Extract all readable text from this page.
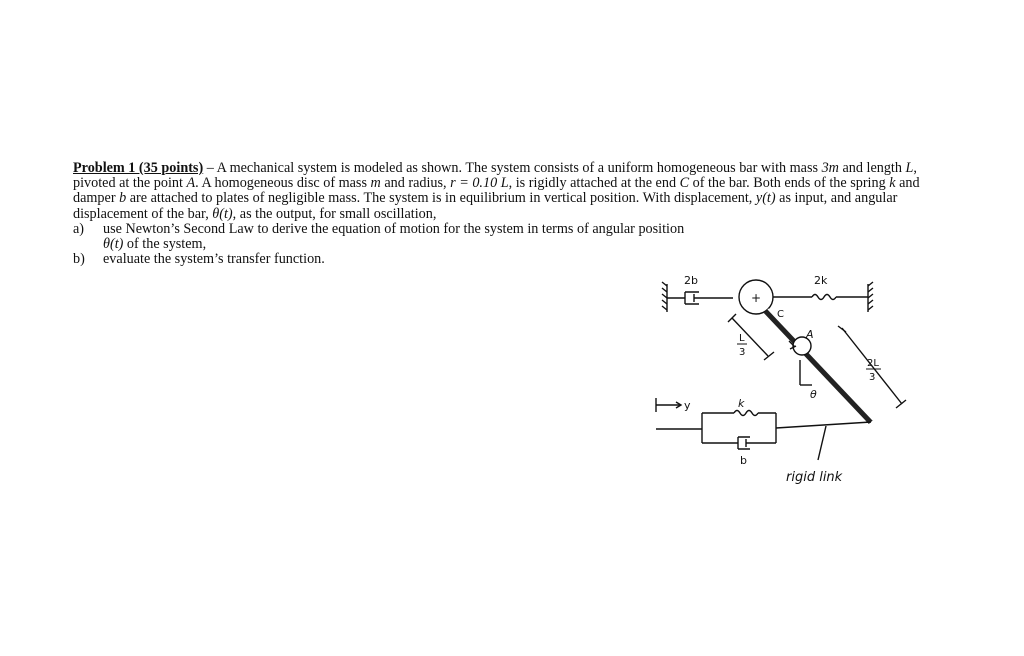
Problem 1 (35 points) – A mechanical system is modeled as shown. The system consists of a uniform homogeneous bar with mass 3m and length L, pivoted at the point A. A homogeneous disc of mass m and radius, r = 0.10 L, is rigidly attached at the end C of the bar. Both ends of the spring k and damper b are attached to plates of negligible mass. The system is in equilibrium in vertical position. With displacement, y(t) as input, and angular displacement of the bar, θ(t), as the output, for small oscillation,

a)	use Newton’s Second Law to derive the equation of motion for the system in terms of angular position
θ(t) of the system,
b)	evaluate the system’s transfer function.
2b	2k
+
C
A
L
3
2L
3
θ
y	k
b
rigid link
